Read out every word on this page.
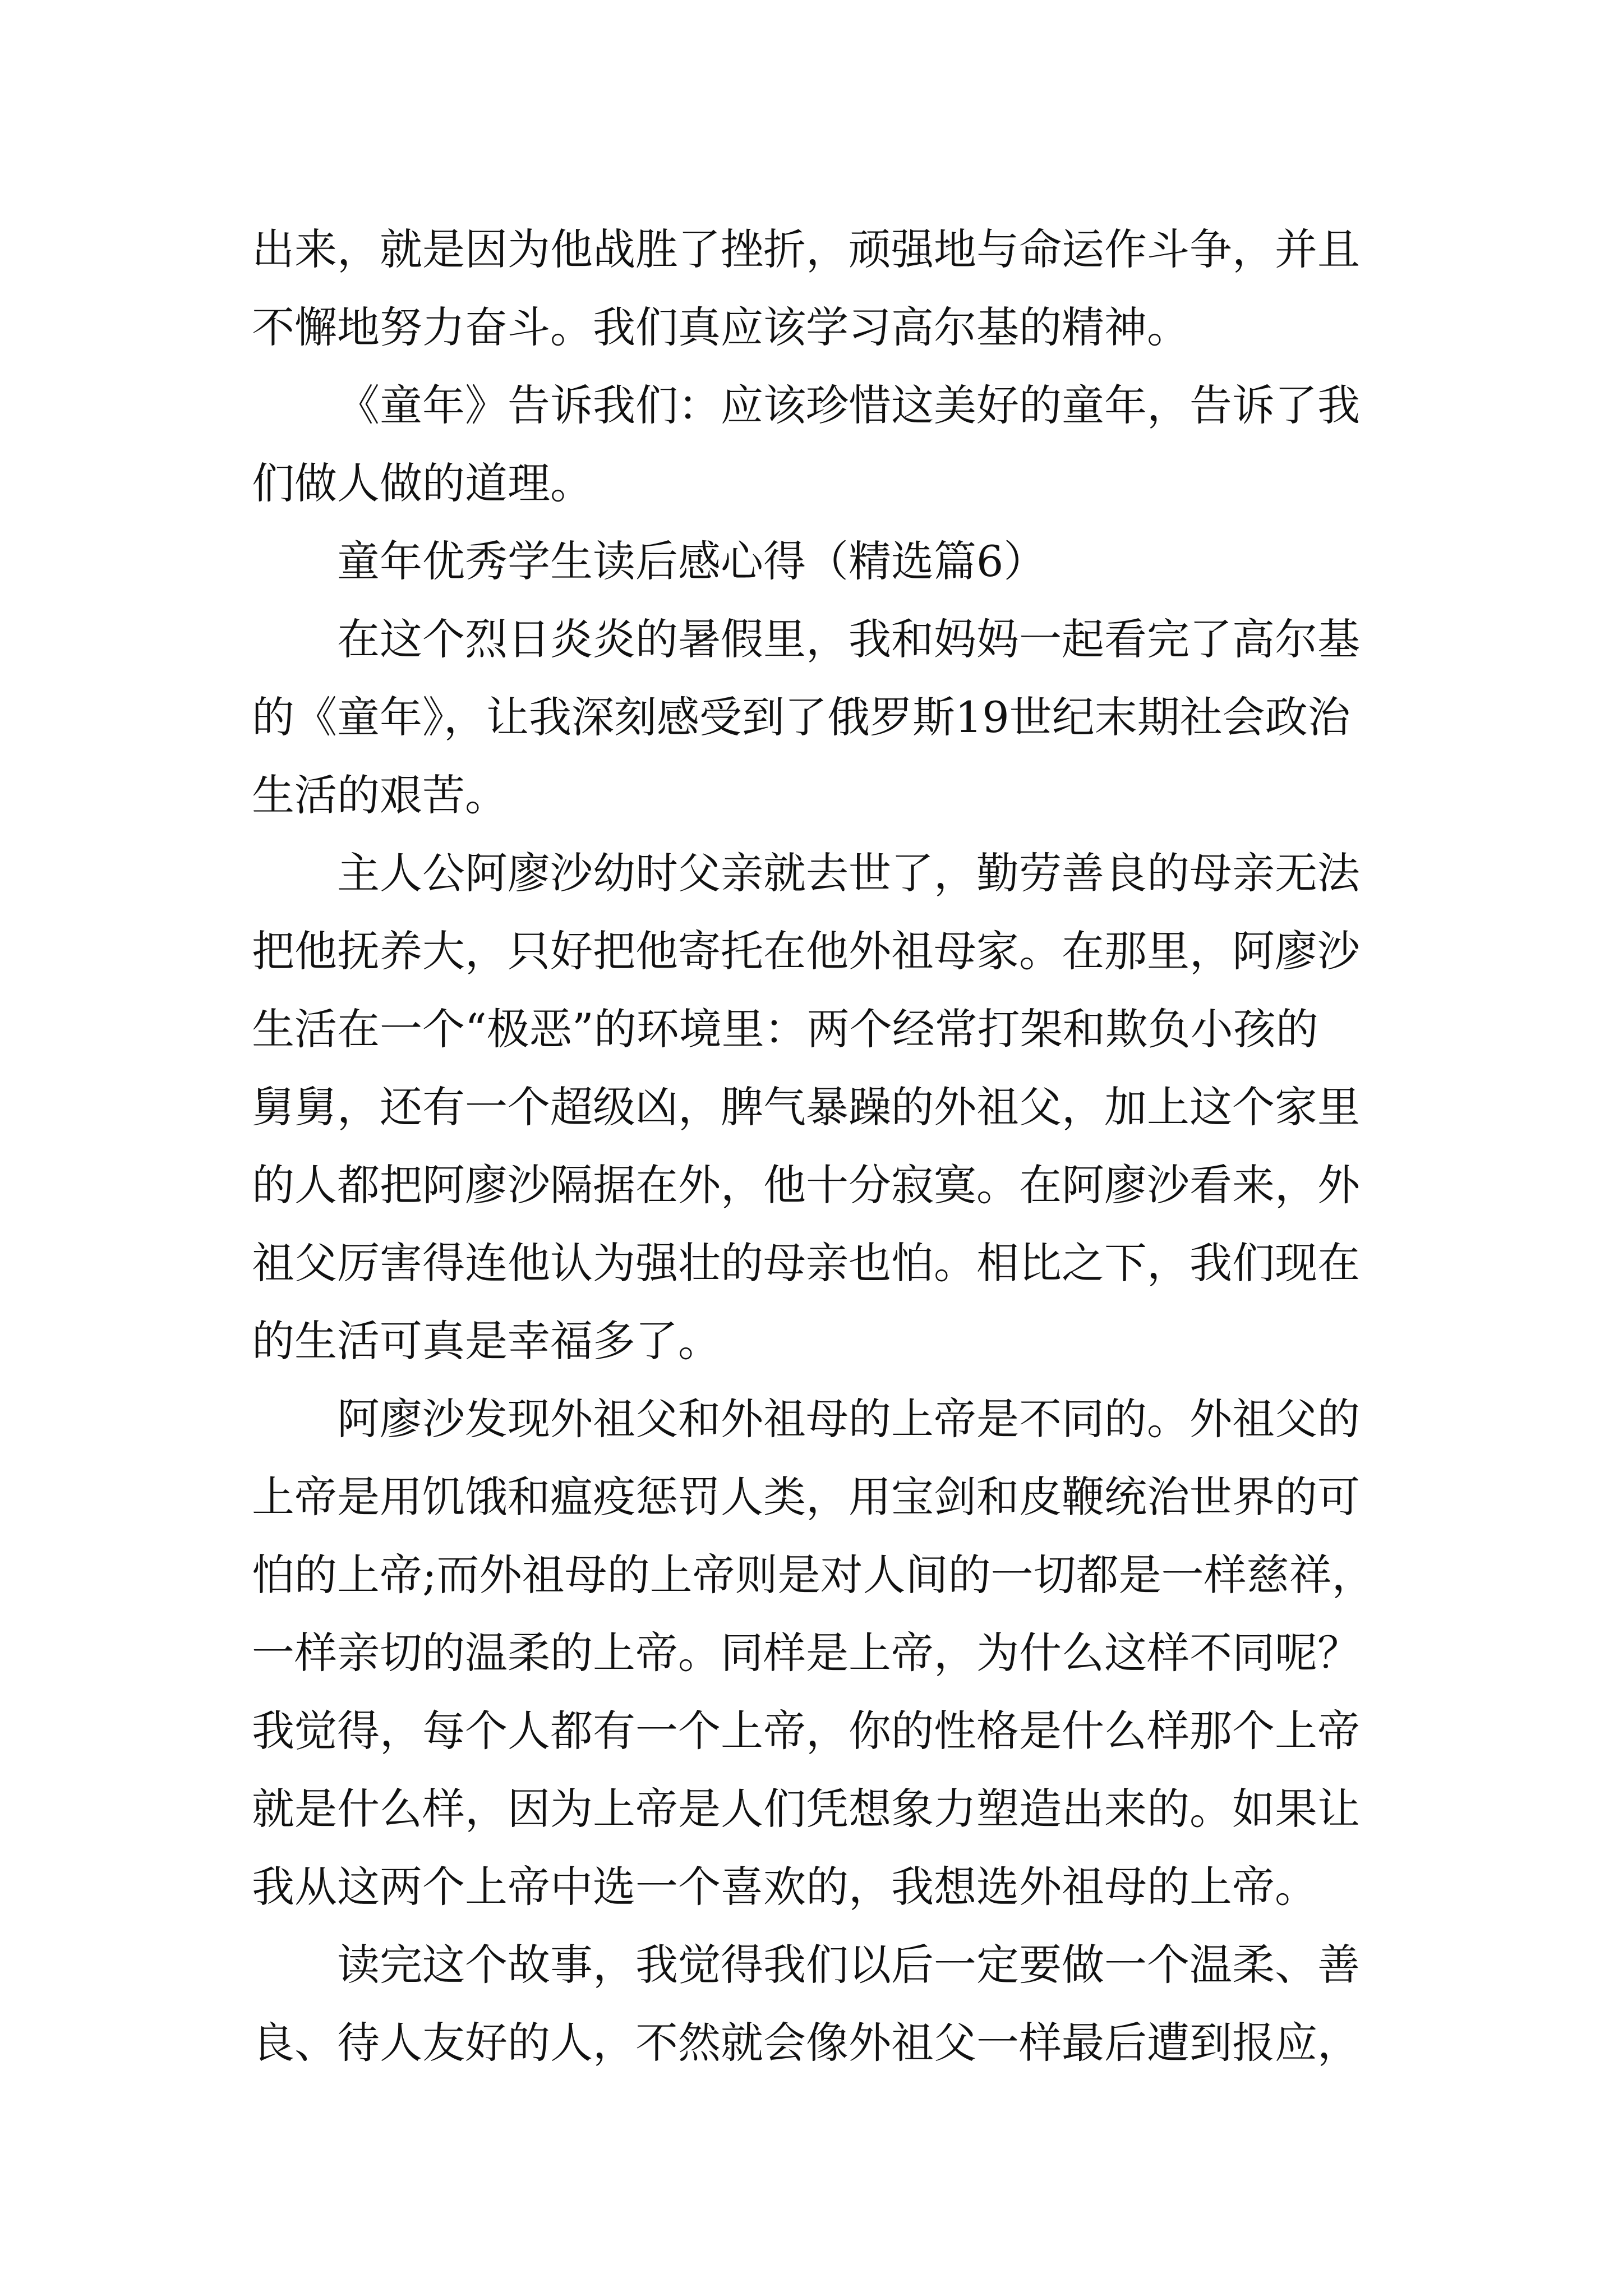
出来，就是因为他战胜了挫折，顽强地与命运作斗争，并且
不懈地努力奋斗。我们真应该学习高尔基的精神。
《童年》告诉我们：应该珍惜这美好的童年，告诉了我
们做人做的道理。
童年优秀学生读后感心得（精选篇6）
在这个烈日炎炎的暑假里，我和妈妈一起看完了高尔基
的《童年》，让我深刻感受到了俄罗斯19世纪末期社会政治
生活的艰苦。
主人公阿廖沙幼时父亲就去世了，勤劳善良的母亲无法
把他抚养大，只好把他寄托在他外祖母家。在那里，阿廖沙
生活在一个“极恶”的环境里：两个经常打架和欺负小孩的
舅舅，还有一个超级凶，脾气暴躁的外祖父，加上这个家里
的人都把阿廖沙隔据在外，他十分寂寞。在阿廖沙看来，外
祖父厉害得连他认为强壮的母亲也怕。相比之下，我们现在
的生活可真是幸福多了。
阿廖沙发现外祖父和外祖母的上帝是不同的。外祖父的
上帝是用饥饿和瘟疫惩罚人类，用宝剑和皮鞭统治世界的可
怕的上帝;而外祖母的上帝则是对人间的一切都是一样慈祥，
一样亲切的温柔的上帝。同样是上帝，为什么这样不同呢？
我觉得，每个人都有一个上帝，你的性格是什么样那个上帝
就是什么样，因为上帝是人们凭想象力塑造出来的。如果让
我从这两个上帝中选一个喜欢的，我想选外祖母的上帝。
读完这个故事，我觉得我们以后一定要做一个温柔、善
良、待人友好的人，不然就会像外祖父一样最后遭到报应，
